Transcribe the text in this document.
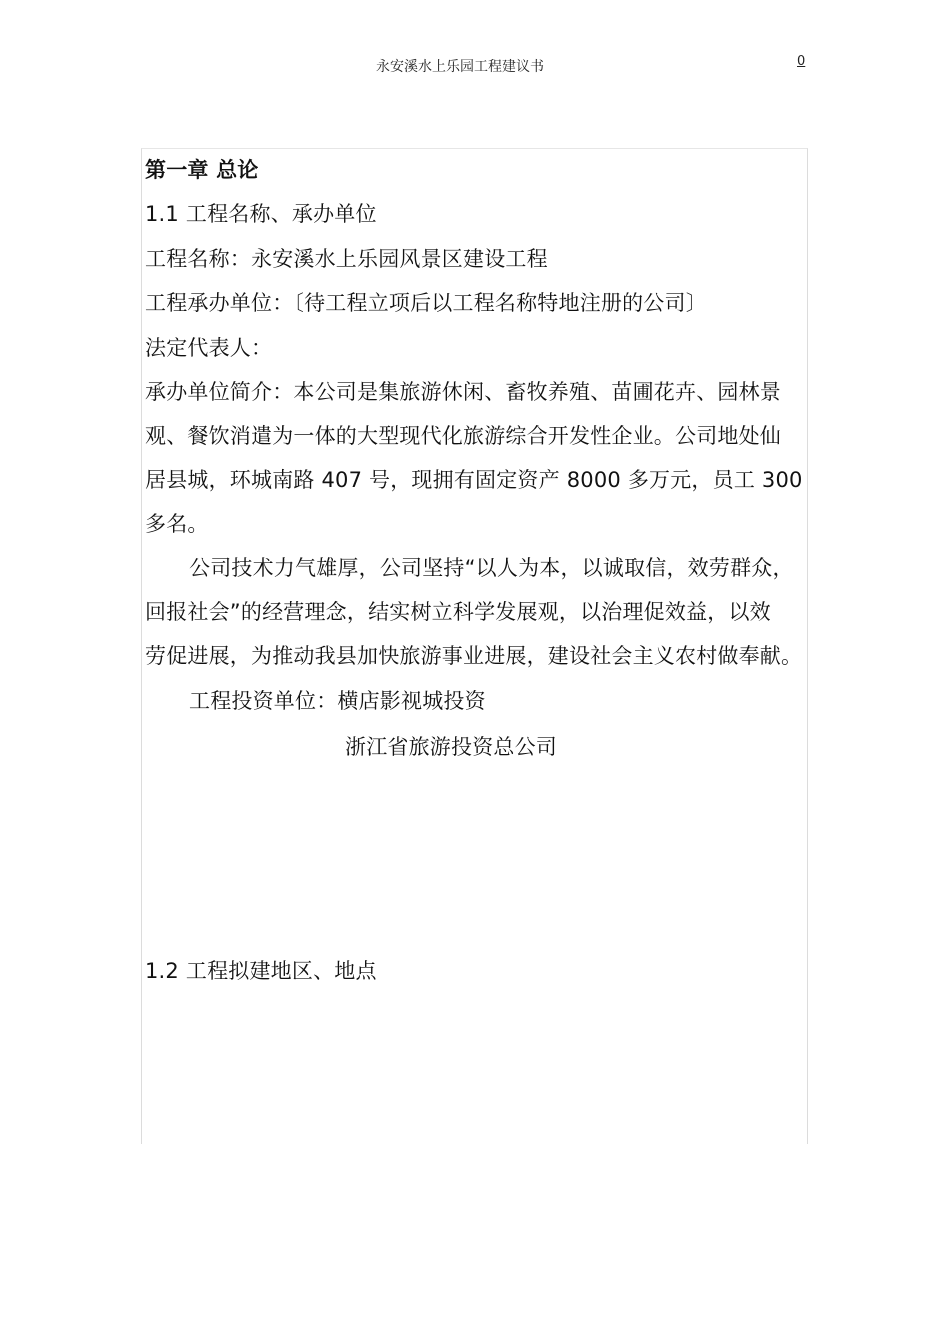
永安溪水上乐园工程建议书	0
第一章 总论
1.1 工程名称、承办单位
工程名称：永安溪水上乐园风景区建设工程
工程承办单位：〔待工程立项后以工程名称特地注册的公司〕
法定代表人：
承办单位简介：本公司是集旅游休闲、畜牧养殖、苗圃花卉、园林景
观、餐饮消遣为一体的大型现代化旅游综合开发性企业。公司地处仙
居县城，环城南路 407 号，现拥有固定资产 8000 多万元，员工 300
多名。
公司技术力气雄厚，公司坚持“以人为本，以诚取信，效劳群众，
回报社会”的经营理念，结实树立科学发展观，以治理促效益，以效
劳促进展，为推动我县加快旅游事业进展，建设社会主义农村做奉献。
工程投资单位：横店影视城投资
浙江省旅游投资总公司
1.2 工程拟建地区、地点
